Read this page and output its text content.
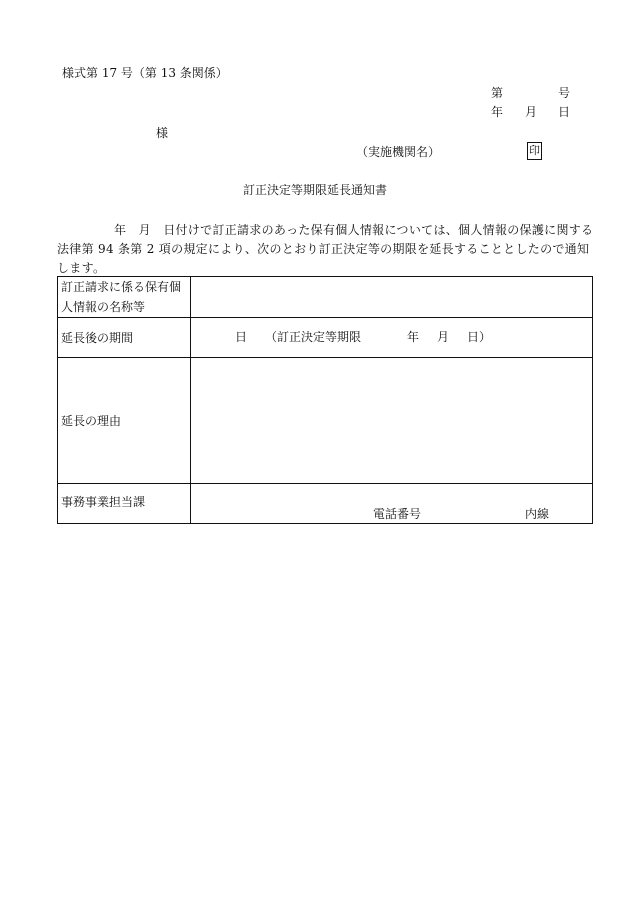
様式第 17 号（第 13 条関係）
第	号
年 月 日
様
（実施機関名）	印
訂正決定等期限延長通知書
年　月　日付けで訂正請求のあった保有個人情報については、個人情報の保護に関する法律第 94 条第 2 項の規定により、次のとおり訂正決定等の期限を延長することとしたので通知します。
訂正請求に係る保有個人情報の名称等	
延長後の期間	日 （訂正決定等期限 年 月 日）

延長の理由	
事務事業担当課	電話番号 内線
